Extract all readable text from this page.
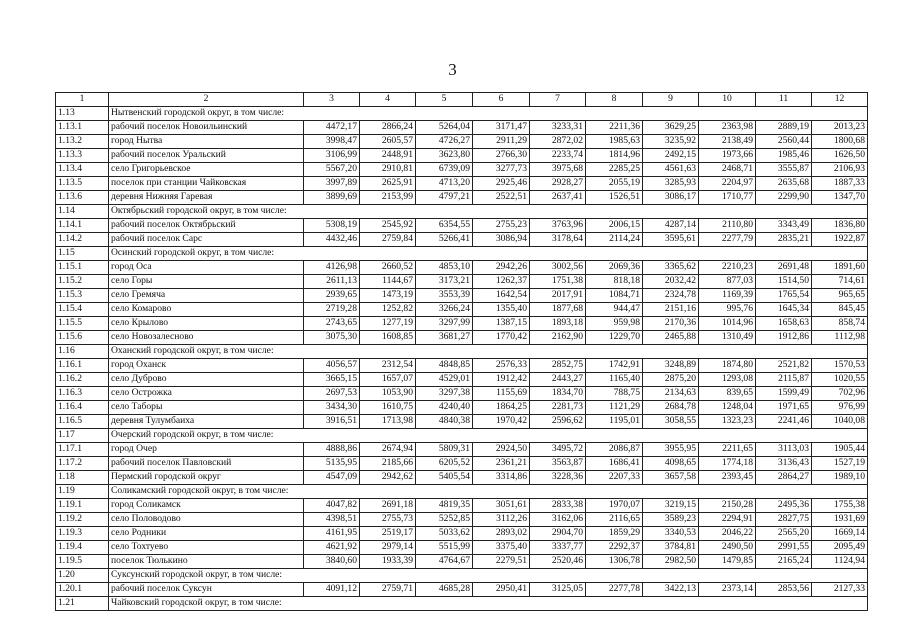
3
1	2	3	4	5	6	7	8	9	10	11	12
1.13	Нытвенский городской округ, в том числе:										
1.13.1	рабочий поселок Новоильинский	4472,17	2866,24	5264,04	3171,47	3233,31	2211,36	3629,25	2363,98	2889,19	2013,23
1.13.2	город Нытва	3998,47	2605,57	4726,27	2911,29	2872,02	1985,63	3235,92	2138,49	2560,44	1800,68
1.13.3	рабочий поселок Уральский	3106,99	2448,91	3623,80	2766,30	2233,74	1814,96	2492,15	1973,66	1985,46	1626,50
1.13.4	село Григорьевское	5567,20	2910,81	6739,09	3277,73	3975,68	2285,25	4561,63	2468,71	3555,87	2106,93
1.13.5	поселок при станции Чайковская	3997,89	2625,91	4713,20	2925,46	2928,27	2055,19	3285,93	2204,97	2635,68	1887,33
1.13.6	деревня Нижняя Гаревая	3899,69	2153,99	4797,21	2522,51	2637,41	1526,51	3086,17	1710,77	2299,90	1347,70
1.14	Октябрьский городской округ, в том числе:										
1.14.1	рабочий поселок Октябрьский	5308,19	2545,92	6354,55	2755,23	3763,96	2006,15	4287,14	2110,80	3343,49	1836,80
1.14.2	рабочий поселок Сарс	4432,46	2759,84	5266,41	3086,94	3178,64	2114,24	3595,61	2277,79	2835,21	1922,87
1.15	Осинский городской округ, в том числе:										
1.15.1	город Оса	4126,98	2660,52	4853,10	2942,26	3002,56	2069,36	3365,62	2210,23	2691,48	1891,60
1.15.2	село Горы	2611,13	1144,67	3173,21	1262,37	1751,38	818,18	2032,42	877,03	1514,50	714,61
1.15.3	село Гремяча	2939,65	1473,19	3553,39	1642,54	2017,91	1084,71	2324,78	1169,39	1765,54	965,65
1.15.4	село Комарово	2719,28	1252,82	3266,24	1355,40	1877,68	944,47	2151,16	995,76	1645,34	845,45
1.15.5	село Крылово	2743,65	1277,19	3297,99	1387,15	1893,18	959,98	2170,36	1014,96	1658,63	858,74
1.15.6	село Новозалесново	3075,30	1608,85	3681,27	1770,42	2162,90	1229,70	2465,88	1310,49	1912,86	1112,98
1.16	Оханский городской округ, в том числе:										
1.16.1	город Оханск	4056,57	2312,54	4848,85	2576,33	2852,75	1742,91	3248,89	1874,80	2521,82	1570,53
1.16.2	село Дуброво	3665,15	1657,07	4529,01	1912,42	2443,27	1165,40	2875,20	1293,08	2115,87	1020,55
1.16.3	село Острожка	2697,53	1053,90	3297,38	1155,69	1834,70	788,75	2134,63	839,65	1599,49	702,96
1.16.4	село Таборы	3434,30	1610,75	4240,40	1864,25	2281,73	1121,29	2684,78	1248,04	1971,65	976,99
1.16.5	деревня Тулумбаиха	3916,51	1713,98	4840,38	1970,42	2596,62	1195,01	3058,55	1323,23	2241,46	1040,08
1.17	Очерский городской округ, в том числе:										
1.17.1	город Очер	4888,86	2674,94	5809,31	2924,50	3495,72	2086,87	3955,95	2211,65	3113,03	1905,44
1.17.2	рабочий поселок Павловский	5135,95	2185,66	6205,52	2361,21	3563,87	1686,41	4098,65	1774,18	3136,43	1527,19
1.18	Пермский городской округ	4547,09	2942,62	5405,54	3314,86	3228,36	2207,33	3657,58	2393,45	2864,27	1989,10
1.19	Соликамский городской округ, в том числе:										
1.19.1	город Соликамск	4047,82	2691,18	4819,35	3051,61	2833,38	1970,07	3219,15	2150,28	2495,36	1755,38
1.19.2	село Половодово	4398,51	2755,73	5252,85	3112,26	3162,06	2116,65	3589,23	2294,91	2827,75	1931,69
1.19.3	село Родники	4161,95	2519,17	5033,62	2893,02	2904,70	1859,29	3340,53	2046,22	2565,20	1669,14
1.19.4	село Тохтуево	4621,92	2979,14	5515,99	3375,40	3337,77	2292,37	3784,81	2490,50	2991,55	2095,49
1.19.5	поселок Тюлькино	3840,60	1933,39	4764,67	2279,51	2520,46	1306,78	2982,50	1479,85	2165,24	1124,94
1.20	Суксунский городской округ, в том числе:										
1.20.1	рабочий поселок Суксун	4091,12	2759,71	4685,28	2950,41	3125,05	2277,78	3422,13	2373,14	2853,56	2127,33
1.21	Чайковский городской округ, в том числе:										
